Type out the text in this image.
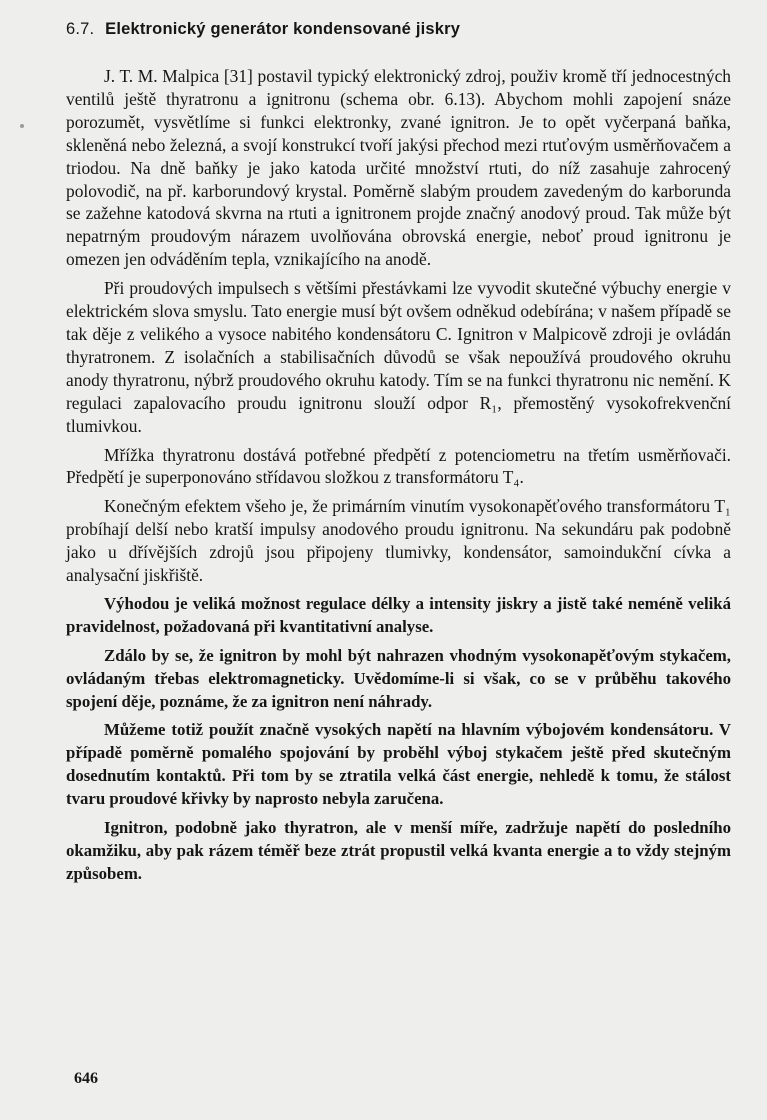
6.7. Elektronický generátor kondensované jiskry

J. T. M. Malpica [31] postavil typický elektronický zdroj, použiv kromě tří jednocestných ventilů ještě thyratronu a ignitronu (schema obr. 6.13). Abychom mohli zapojení snáze porozumět, vysvětlíme si funkci elektronky, zvané ignitron. Je to opět vyčerpaná baňka, skleněná nebo železná, a svojí konstrukcí tvoří jakýsi přechod mezi rtuťovým usměrňovačem a triodou. Na dně baňky je jako katoda určité množství rtuti, do níž zasahuje zahrocený polovodič, na př. karborundový krystal. Poměrně slabým proudem zavedeným do karborunda se zažehne katodová skvrna na rtuti a ignitronem projde značný anodový proud. Tak může být nepatrným proudovým nárazem uvolňována obrovská energie, neboť proud ignitronu je omezen jen odváděním tepla, vznikajícího na anodě.

Při proudových impulsech s většími přestávkami lze vyvodit skutečné výbuchy energie v elektrickém slova smyslu. Tato energie musí být ovšem odněkud odebírána; v našem případě se tak děje z velikého a vysoce nabitého kondensátoru C. Ignitron v Malpicově zdroji je ovládán thyratronem. Z isolačních a stabilisačních důvodů se však nepoužívá proudového okruhu anody thyratronu, nýbrž proudového okruhu katody. Tím se na funkci thyratronu nic nemění. K regulaci zapalovacího proudu ignitronu slouží odpor R₁, přemostěný vysokofrekvenční tlumivkou.

Mřížka thyratronu dostává potřebné předpětí z potenciometru na třetím usměrňovači. Předpětí je superponováno střídavou složkou z transformátoru T₄.

Konečným efektem všeho je, že primárním vinutím vysokonapěťového transformátoru T₁ probíhají delší nebo kratší impulsy anodového proudu ignitronu. Na sekundáru pak podobně jako u dřívějších zdrojů jsou připojeny tlumivky, kondensátor, samoindukční cívka a analysační jiskřiště.

Výhodou je veliká možnost regulace délky a intensity jiskry a jistě také neméně veliká pravidelnost, požadovaná při kvantitativní analyse.

Zdálo by se, že ignitron by mohl být nahrazen vhodným vysokonapěťovým stykačem, ovládaným třebas elektromagneticky. Uvědomíme-li si však, co se v průběhu takového spojení děje, poznáme, že za ignitron není náhrady.

Můžeme totiž použít značně vysokých napětí na hlavním výbojovém kondensátoru. V případě poměrně pomalého spojování by proběhl výboj stykačem ještě před skutečným dosednutím kontaktů. Při tom by se ztratila velká část energie, nehledě k tomu, že stálost tvaru proudové křivky by naprosto nebyla zaručena.

Ignitron, podobně jako thyratron, ale v menší míře, zadržuje napětí do posledního okamžiku, aby pak rázem téměř beze ztrát propustil velká kvanta energie a to vždy stejným způsobem.

646
